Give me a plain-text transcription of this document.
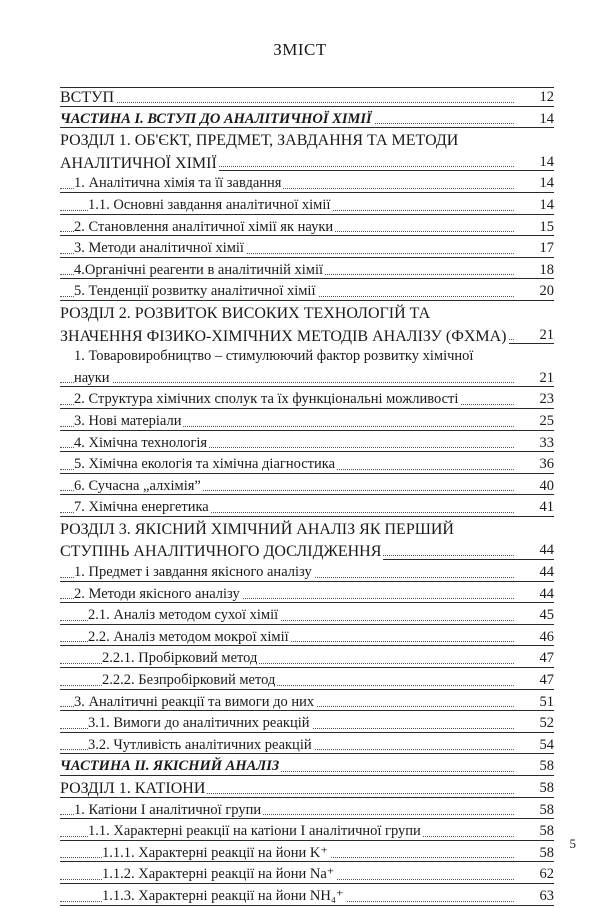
ЗМІСТ
ВСТУП	12
ЧАСТИНА І. ВСТУП ДО АНАЛІТИЧНОЇ ХІМІЇ	14
РОЗДІЛ 1. ОБ'ЄКТ, ПРЕДМЕТ, ЗАВДАННЯ ТА МЕТОДИ АНАЛІТИЧНОЇ ХІМІЇ	14
1. Аналітична хімія та її завдання	14
1.1. Основні завдання аналітичної хімії	14
2. Становлення аналітичної хімії як науки	15
3. Методи аналітичної хімії	17
4.Органічні реагенти в аналітичній хімії	18
5. Тенденції розвитку аналітичної хімії	20
РОЗДІЛ 2. РОЗВИТОК ВИСОКИХ ТЕХНОЛОГІЙ ТА ЗНАЧЕННЯ ФІЗИКО-ХІМІЧНИХ МЕТОДІВ АНАЛІЗУ (ФХМА)	21
1. Товаровиробництво – стимулюючий фактор розвитку хімічної науки	21
2. Структура хімічних сполук та їх функціональні можливості	23
3. Нові матеріали	25
4. Хімічна технологія	33
5. Хімічна екологія та хімічна діагностика	36
6. Сучасна „алхімія”	40
7. Хімічна енергетика	41
РОЗДІЛ 3. ЯКІСНИЙ ХІМІЧНИЙ АНАЛІЗ ЯК ПЕРШИЙ СТУПІНЬ АНАЛІТИЧНОГО ДОСЛІДЖЕННЯ	44
1. Предмет і завдання якісного аналізу	44
2. Методи якісного аналізу	44
2.1. Аналіз методом сухої хімії	45
2.2. Аналіз методом мокрої хімії	46
2.2.1. Пробірковий метод	47
2.2.2. Безпробірковий метод	47
3. Аналітичні реакції та вимоги до них	51
3.1. Вимоги до аналітичних реакцій	52
3.2. Чутливість аналітичних реакцій	54
ЧАСТИНА ІІ. ЯКІСНИЙ АНАЛІЗ	58
РОЗДІЛ 1. КАТІОНИ	58
1. Катіони І аналітичної групи	58
1.1. Характерні реакції на катіони І аналітичної групи	58
1.1.1. Характерні реакції на йони K⁺	58
1.1.2. Характерні реакції на йони Na⁺	62
1.1.3. Характерні реакції на йони NH₄⁺	63
5
